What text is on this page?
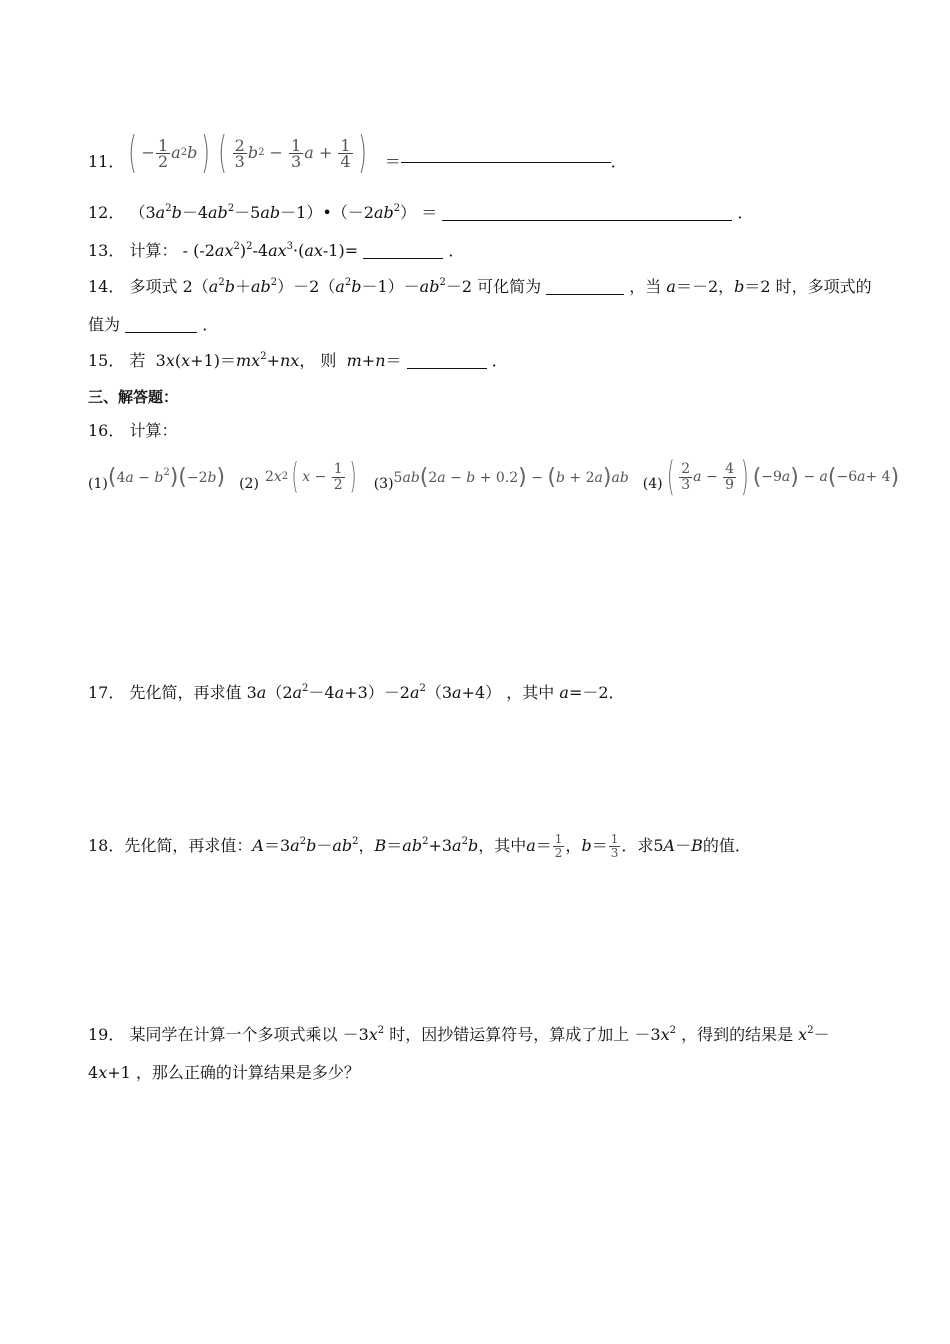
11． ( − $\frac{1}{2}$ a 2 b ) ( $\frac{2}{3}$ b $2 - \frac{1}{3}$ $a + \frac{1}{4}$ ) ＝	．
12． $(3a^2b-4ab^2-5ab-1)•(-2ab^2)$ ＝	．
13． 计算： - $(-2ax^2)^2-4ax^3\cdot(ax-1)=$	．
14． 多项式 $2(a^2b+ab^2)-2(a^2b-1)-ab^2-2$ 可化简为	，当 a＝－2，b＝2 时，多项式的
值为	．
15． 若  $3x(x+1)=mx^2+nx$， 则 m+n＝	．
三、解答题：
16． 计算：
(1) $(4a - b^2)(-2b)$ (2) 2 x 2 ( $x - \frac{1}{2}$ ) (3) 5ab(2a − b + 0.2) − (b + 2a)ab (4) ( $\frac{2}{3}$ $a - \frac{4}{9}$ ) ( −9 a ) − a ( −6 a + 4 )
17． 先化简，再求值 $3a(2a^2-4a+3)-2a^2(3a+4)$ ，其中 a=－2．
18． 先化简，再求值： $A=3a^2b-ab^2$，$B=ab^2+3a^2b$ ，其中 $a = \frac{1}{2}$ ， $b = \frac{1}{3}$ ．求 5A－B 的值．
19． 某同学在计算一个多项式乘以 $-3x^2$ 时，因抄错运算符号，算成了加上 $-3x^2$ ，得到的结果是 $x^2-$
4x+1 ，那么正确的计算结果是多少？
